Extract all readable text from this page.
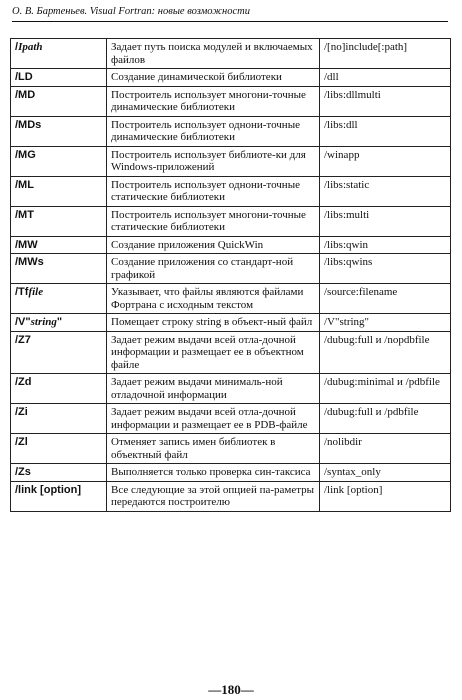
О. В. Бартеньев. Visual Fortran: новые возможности
/Ipath	Задает путь поиска модулей и включаемых файлов	/[no]include[:path]
/LD	Создание динамической библиотеки	/dll
/MD	Построитель использует многони-точные динамические библиотеки	/libs:dllmulti
/MDs	Построитель использует однони-точные динамические библиотеки	/libs:dll
/MG	Построитель использует библиоте-ки для Windows-приложений	/winapp
/ML	Построитель использует однони-точные статические библиотеки	/libs:static
/MT	Построитель использует многони-точные статические библиотеки	/libs:multi
/MW	Создание приложения QuickWin	/libs:qwin
/MWs	Создание приложения со стандарт-ной графикой	/libs:qwins
/Tffile	Указывает, что файлы являются файлами Фортрана с исходным текстом	/source:filename
/V"string"	Помещает строку string в объект-ный файл	/V"string"
/Z7	Задает режим выдачи всей отла-дочной информации и размещает ее в объектном файле	/dubug:full и /nopdbfile
/Zd	Задает режим выдачи минималь-ной отладочной информации	/dubug:minimal и /pdbfile
/Zi	Задает режим выдачи всей отла-дочной информации и размещает ее в PDB-файле	/dubug:full и /pdbfile
/Zl	Отменяет запись имен библиотек в объектный файл	/nolibdir
/Zs	Выполняется только проверка син-таксиса	/syntax_only
/link [option]	Все следующие за этой опцией па-раметры передаются построителю	/link [option]
—180—
